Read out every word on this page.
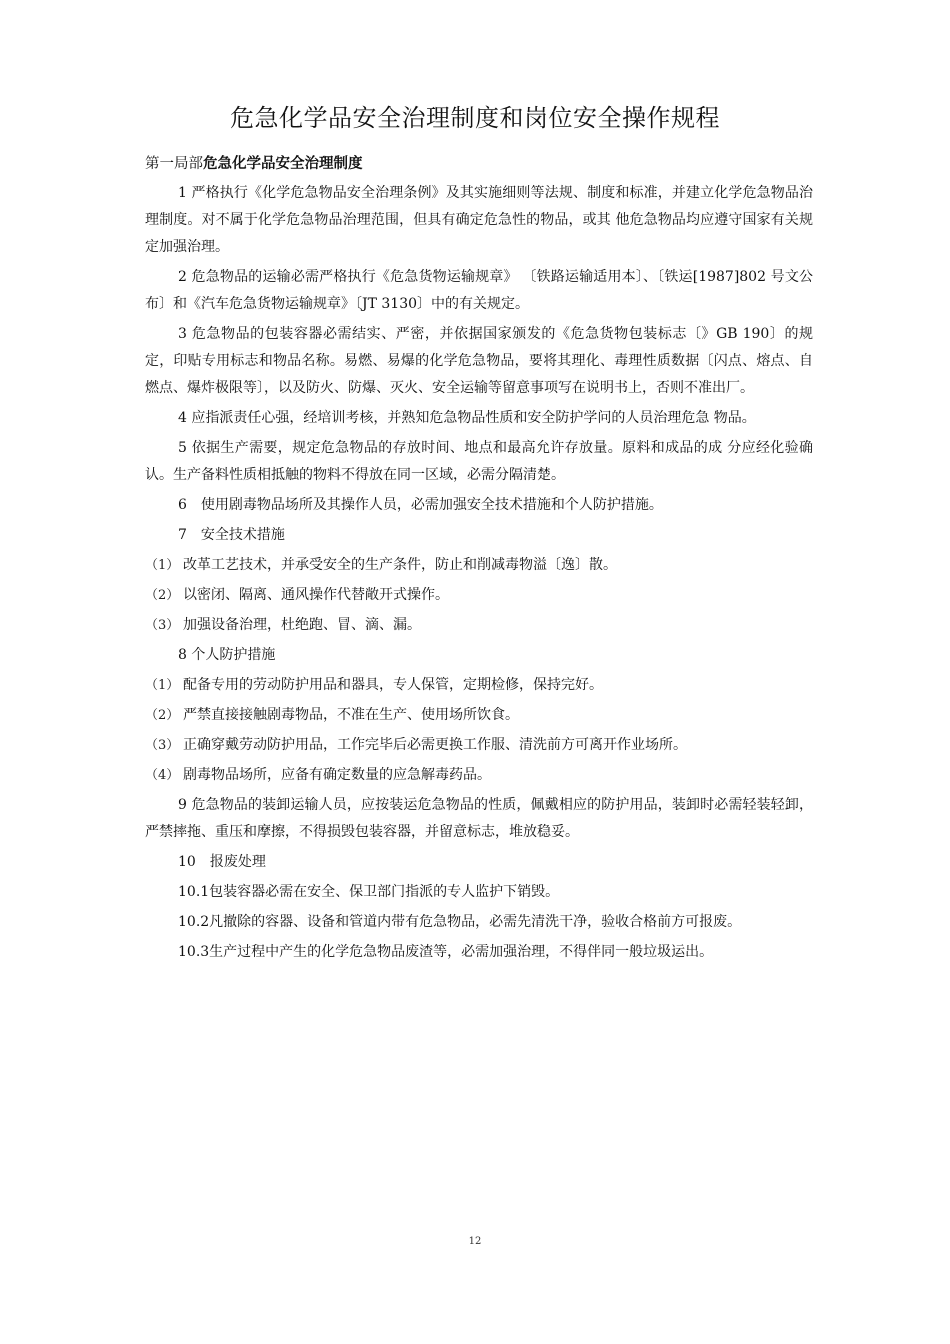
危急化学品安全治理制度和岗位安全操作规程
第一局部危急化学品安全治理制度

1 严格执行《化学危急物品安全治理条例》及其实施细则等法规、制度和标准，并建立化学危急物品治理制度。对不属于化学危急物品治理范围，但具有确定危急性的物品，或其 他危急物品均应遵守国家有关规定加强治理。

2 危急物品的运输必需严格执行《危急货物运输规章》 〔铁路运输适用本〕、〔铁运[1987]802 号文公布〕和《汽车危急货物运输规章》〔JT 3130〕中的有关规定。

3 危急物品的包装容器必需结实、严密，并依据国家颁发的《危急货物包装标志〔》GB 190〕的规定，印贴专用标志和物品名称。易燃、易爆的化学危急物品，要将其理化、毒理性质数据〔闪点、熔点、自燃点、爆炸极限等〕，以及防火、防爆、灭火、安全运输等留意事项写在说明书上，否则不准出厂。

4 应指派责任心强，经培训考核，并熟知危急物品性质和安全防护学问的人员治理危急 物品。

5 依据生产需要，规定危急物品的存放时间、地点和最高允许存放量。原料和成品的成 分应经化验确认。生产备料性质相抵触的物料不得放在同一区域，必需分隔清楚。

6　使用剧毒物品场所及其操作人员，必需加强安全技术措施和个人防护措施。

7　安全技术措施

（1） 改革工艺技术，并承受安全的生产条件，防止和削减毒物溢〔逸〕散。
（2） 以密闭、隔离、通风操作代替敞开式操作。
（3） 加强设备治理，杜绝跑、冒、滴、漏。

8 个人防护措施

（1） 配备专用的劳动防护用品和器具，专人保管，定期检修，保持完好。
（2） 严禁直接接触剧毒物品，不准在生产、使用场所饮食。
（3） 正确穿戴劳动防护用品，工作完毕后必需更换工作服、清洗前方可离开作业场所。
（4） 剧毒物品场所，应备有确定数量的应急解毒药品。

9 危急物品的装卸运输人员，应按装运危急物品的性质，佩戴相应的防护用品，装卸时必需轻装轻卸，严禁摔拖、重压和摩擦，不得损毁包装容器，并留意标志，堆放稳妥。

10　报废处理

10.1包装容器必需在安全、保卫部门指派的专人监护下销毁。

10.2凡撤除的容器、设备和管道内带有危急物品，必需先清洗干净，验收合格前方可报废。

10.3生产过程中产生的化学危急物品废渣等，必需加强治理，不得伴同一般垃圾运出。

12
